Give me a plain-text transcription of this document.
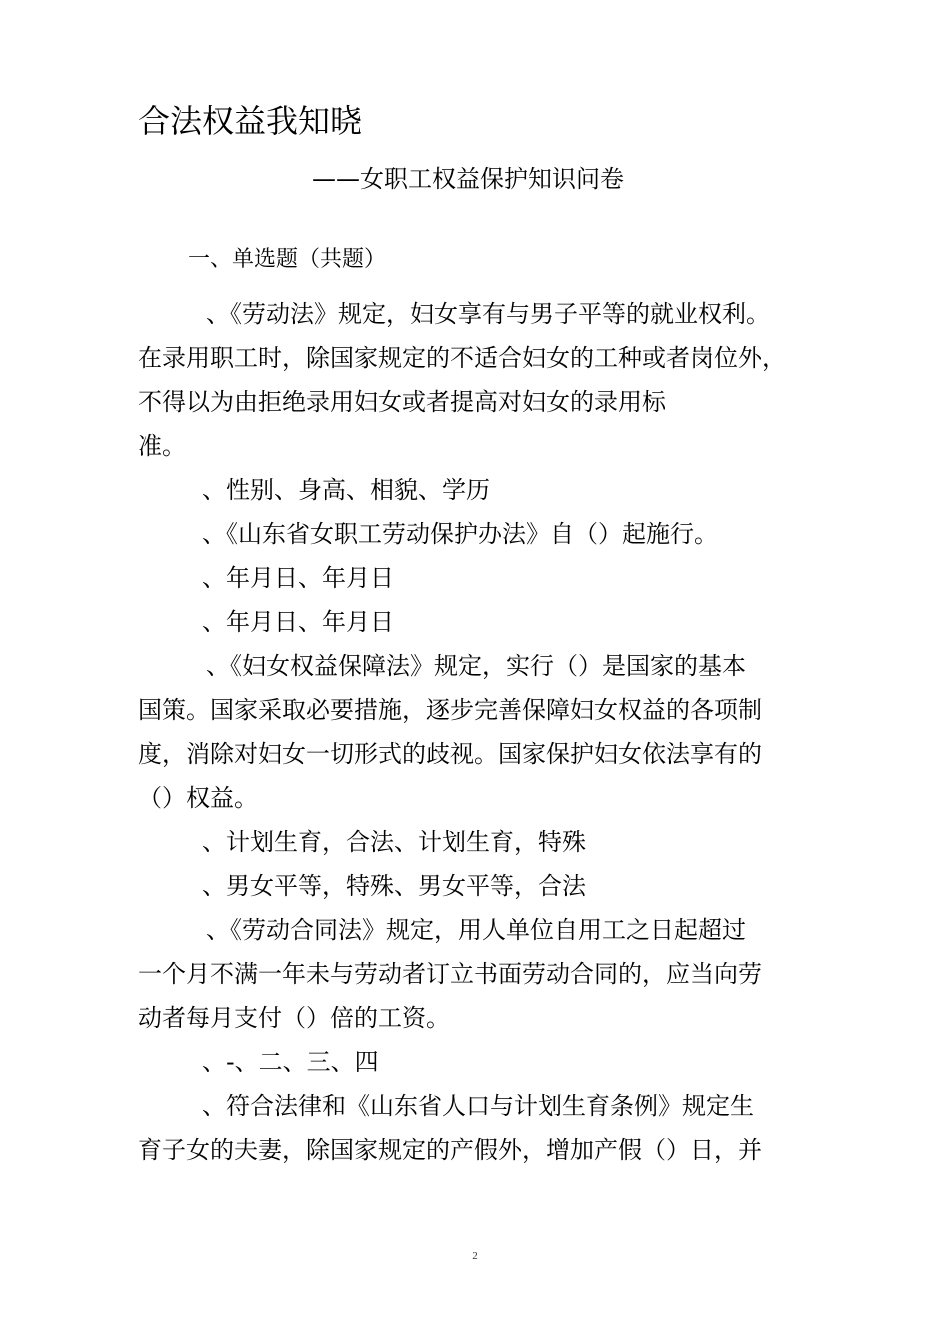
合法权益我知晓
——女职工权益保护知识问卷
一、单选题（共题）
、《劳动法》规定，妇女享有与男子平等的就业权利。
在录用职工时，除国家规定的不适合妇女的工种或者岗位外，
不得以为由拒绝录用妇女或者提高对妇女的录用标
准。
、性别、身高、相貌、学历
、《山东省女职工劳动保护办法》自（）起施行。
、年月日、年月日
、年月日、年月日
、《妇女权益保障法》规定，实行（）是国家的基本
国策。国家采取必要措施，逐步完善保障妇女权益的各项制
度，消除对妇女一切形式的歧视。国家保护妇女依法享有的
（）权益。
、计划生育，合法、计划生育，特殊
、男女平等，特殊、男女平等，合法
、《劳动合同法》规定，用人单位自用工之日起超过
一个月不满一年未与劳动者订立书面劳动合同的，应当向劳
动者每月支付（）倍的工资。
、-、二、三、四
、符合法律和《山东省人口与计划生育条例》规定生
育子女的夫妻，除国家规定的产假外，增加产假（）日，并
2
